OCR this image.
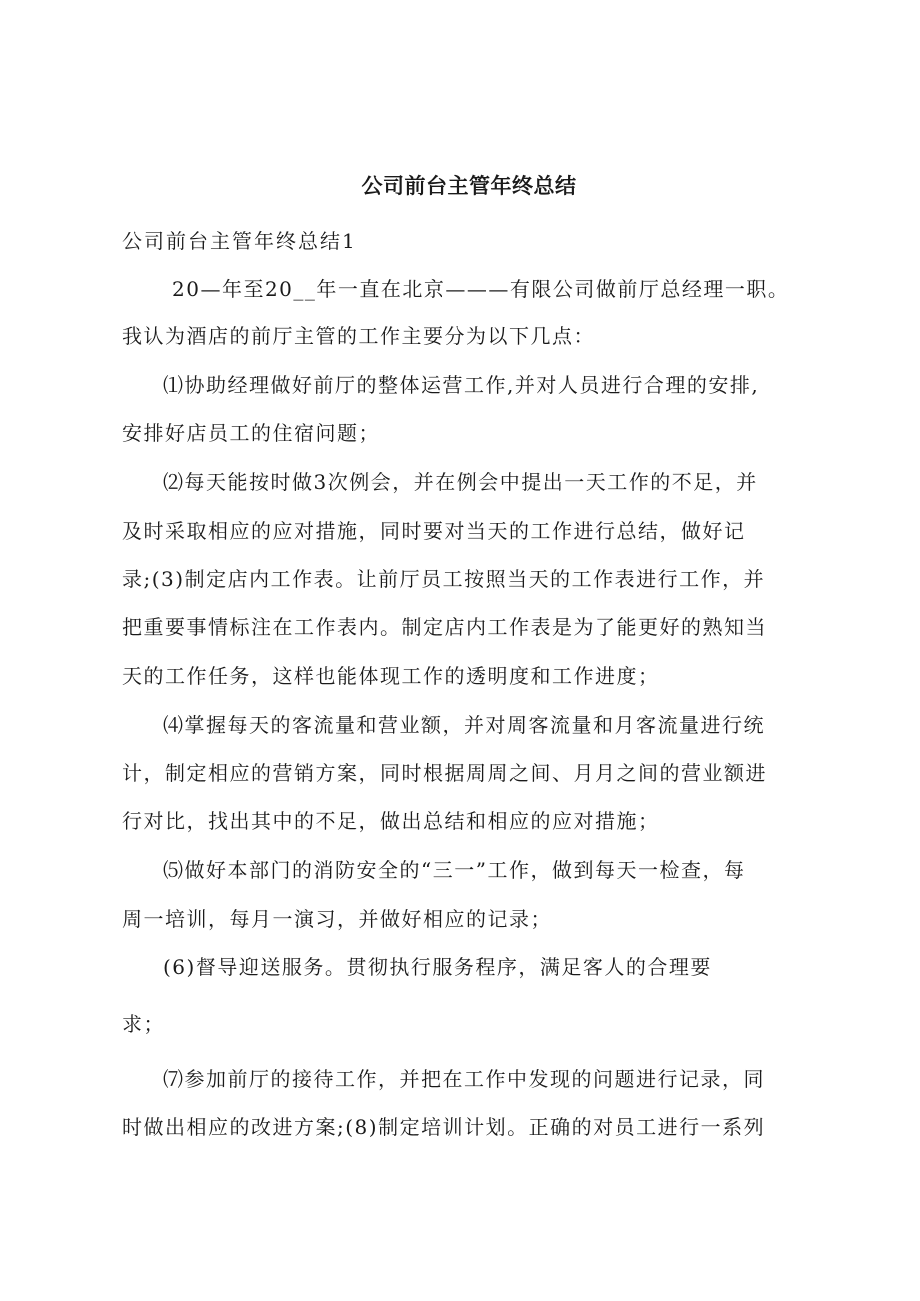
公司前台主管年终总结
公司前台主管年终总结1
20—年至20__年一直在北京———有限公司做前厅总经理一职。
我认为酒店的前厅主管的工作主要分为以下几点：
⑴协助经理做好前厅的整体运营工作,并对人员进行合理的安排,
安排好店员工的住宿问题；
⑵每天能按时做3次例会，并在例会中提出一天工作的不足，并
及时采取相应的应对措施，同时要对当天的工作进行总结，做好记
录;(3)制定店内工作表。让前厅员工按照当天的工作表进行工作，并
把重要事情标注在工作表内。制定店内工作表是为了能更好的熟知当
天的工作任务，这样也能体现工作的透明度和工作进度；
⑷掌握每天的客流量和营业额，并对周客流量和月客流量进行统
计，制定相应的营销方案，同时根据周周之间、月月之间的营业额进
行对比，找出其中的不足，做出总结和相应的应对措施；
⑸做好本部门的消防安全的“三一”工作，做到每天一检查，每
周一培训，每月一演习，并做好相应的记录；
(6)督导迎送服务。贯彻执行服务程序，满足客人的合理要
求；
⑺参加前厅的接待工作，并把在工作中发现的问题进行记录，同
时做出相应的改进方案;(8)制定培训计划。正确的对员工进行一系列
